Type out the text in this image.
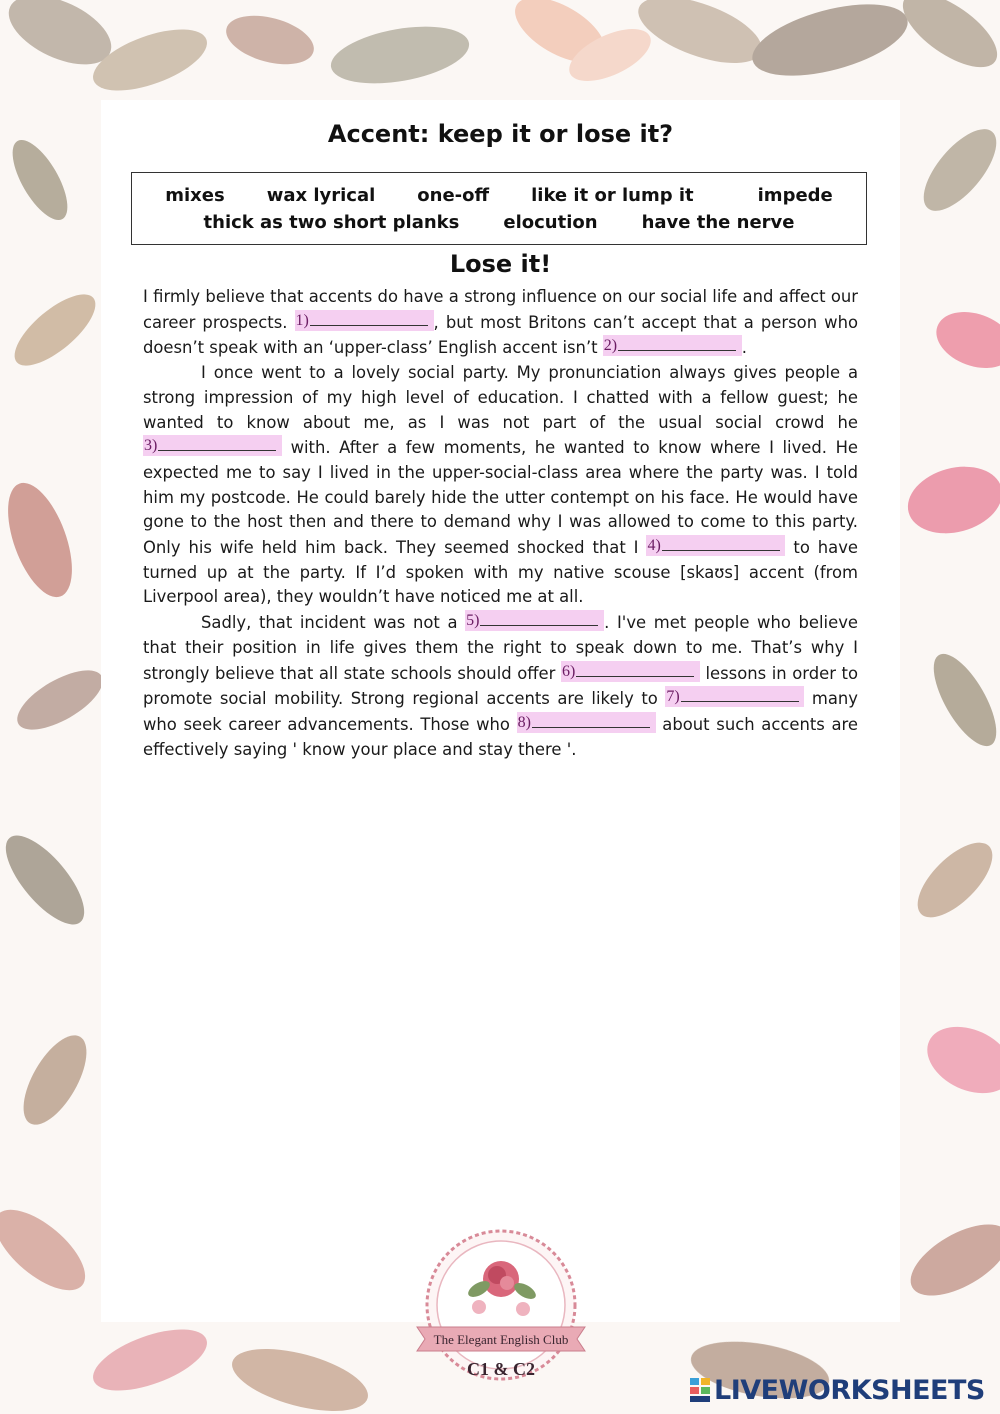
Accent: keep it or lose it?
mixes wax lyrical one-off like it or lump it	impede
thick as two short planks elocution have the nerve
Lose it!

I firmly believe that accents do have a strong influence on our social life and affect our career prospects. 1)	, but most Britons can’t accept that a person who doesn’t speak with an ‘upper-class’ English accent isn’t 2)	.

I once went to a lovely social party. My pronunciation always gives people a strong impression of my high level of education. I chatted with a fellow guest; he wanted to know about me, as I was not part of the usual social crowd he 3)	with. After a few moments, he wanted to know where I lived. He expected me to say I lived in the upper-social-class area where the party was. I told him my postcode. He could barely hide the utter contempt on his face. He would have gone to the host then and there to demand why I was allowed to come to this party. Only his wife held him back. They seemed shocked that I 4)	to have turned up at the party. If I’d spoken with my native scouse [skaʊs] accent (from Liverpool area), they wouldn’t have noticed me at all.

Sadly, that incident was not a 5)	. I've met people who believe that their position in life gives them the right to speak down to me. That’s why I strongly believe that all state schools should offer 6)	lessons in order to promote social mobility. Strong regional accents are likely to 7)	many who seek career advancements. Those who 8)	about such accents are effectively saying ' know your place and stay there '.

The Elegant English Club
C1 & C2
LIVEWORKSHEETS
